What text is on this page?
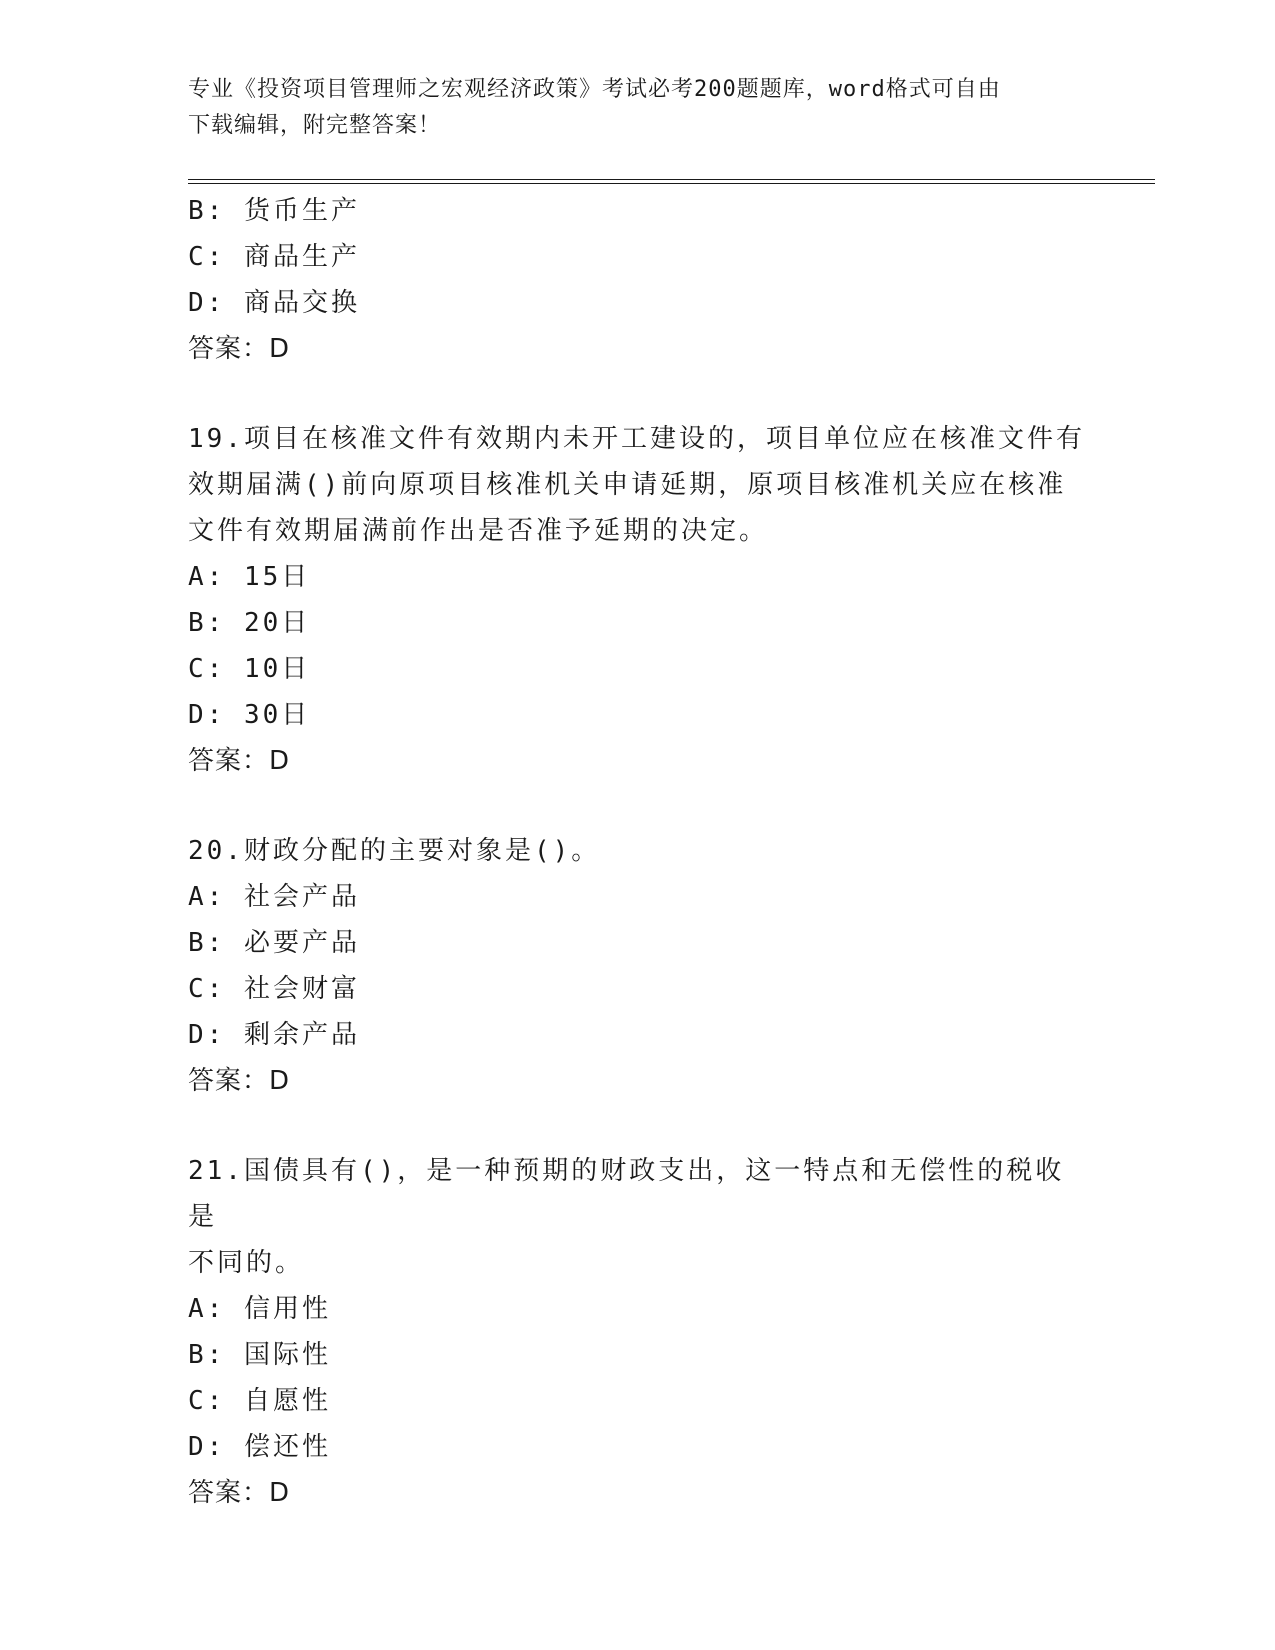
专业《投资项目管理师之宏观经济政策》考试必考200题题库，word格式可自由
下载编辑，附完整答案！
B: 货币生产
C: 商品生产
D: 商品交换
答案：D
19.项目在核准文件有效期内未开工建设的，项目单位应在核准文件有
效期届满()前向原项目核准机关申请延期，原项目核准机关应在核准
文件有效期届满前作出是否准予延期的决定。
A: 15日
B: 20日
C: 10日
D: 30日
答案：D
20.财政分配的主要对象是()。
A: 社会产品
B: 必要产品
C: 社会财富
D: 剩余产品
答案：D
21.国债具有()，是一种预期的财政支出，这一特点和无偿性的税收是
不同的。
A: 信用性
B: 国际性
C: 自愿性
D: 偿还性
答案：D
